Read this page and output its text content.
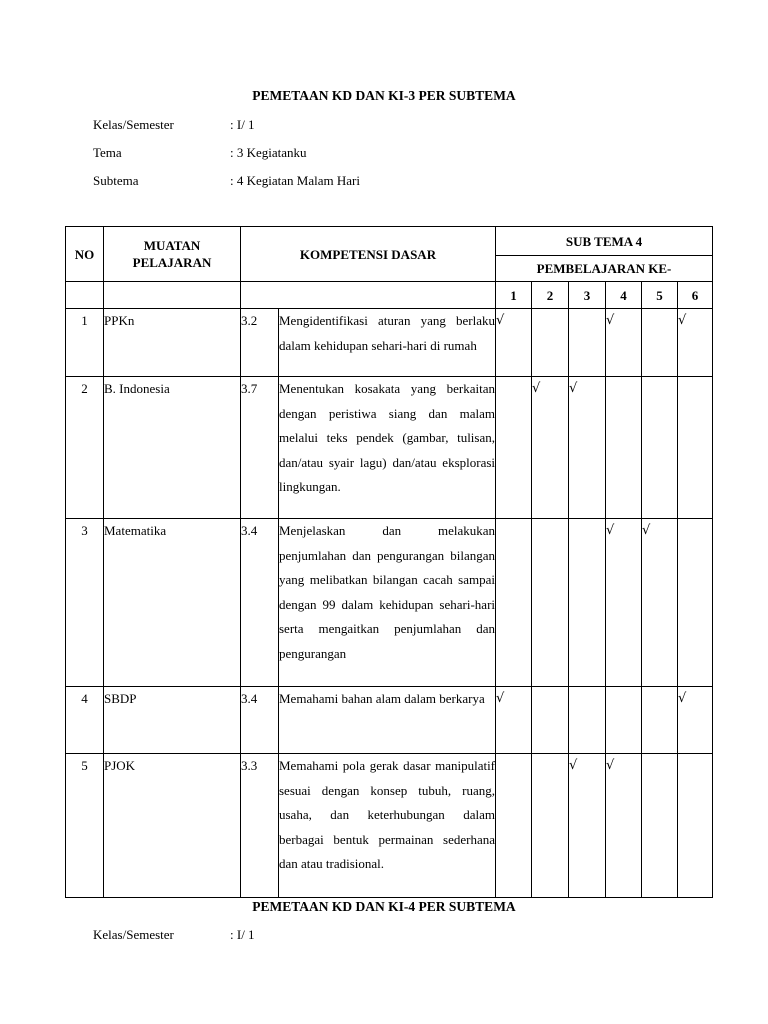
PEMETAAN KD DAN KI-3 PER SUBTEMA
Kelas/Semester	: I/ 1
Tema	: 3 Kegiatanku
Subtema	: 4 Kegiatan Malam Hari
NO	MUATAN PELAJARAN	KOMPETENSI DASAR		SUB TEMA 4					
				PEMBELAJARAN KE-					
				1	2	3	4	5	6
1	PPKn	3.2	Mengidentifikasi aturan yang berlaku dalam kehidupan sehari-hari di rumah	√			√		√
2	B. Indonesia	3.7	Menentukan kosakata yang berkaitan dengan peristiwa siang dan malam melalui teks pendek (gambar, tulisan, dan/atau syair lagu) dan/atau eksplorasi lingkungan.		√	√			
3	Matematika	3.4	Menjelaskan dan melakukan penjumlahan dan pengurangan bilangan yang melibatkan bilangan cacah sampai dengan 99 dalam kehidupan sehari-hari serta mengaitkan penjumlahan dan pengurangan				√	√	
4	SBDP	3.4	Memahami bahan alam dalam berkarya	√					√
5	PJOK	3.3	Memahami pola gerak dasar manipulatif sesuai dengan konsep tubuh, ruang, usaha, dan keterhubungan dalam berbagai bentuk permainan sederhana dan atau tradisional.			√	√		
PEMETAAN KD DAN KI-4 PER SUBTEMA
Kelas/Semester	: I/ 1
